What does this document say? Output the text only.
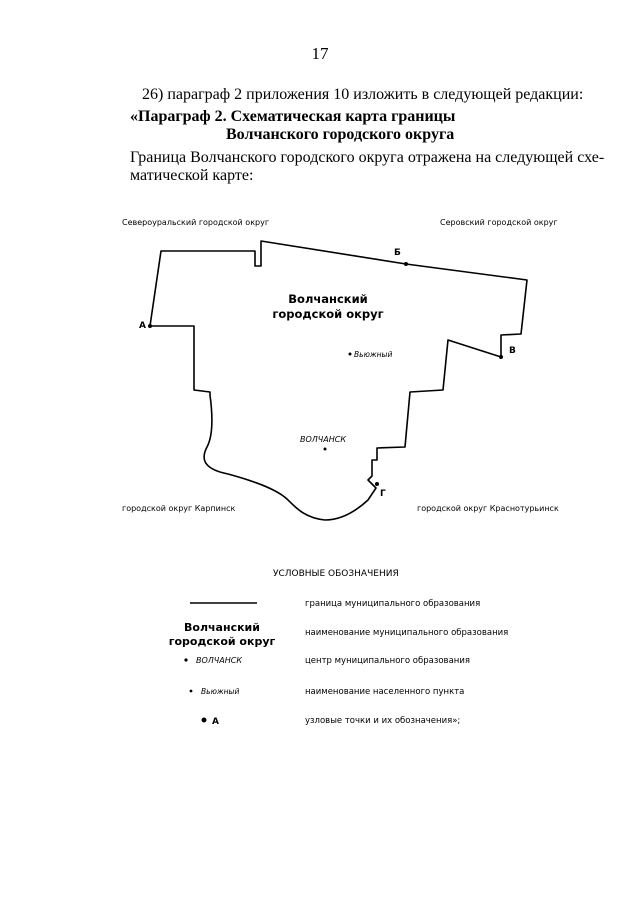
17
26) параграф 2 приложения 10 изложить в следующей редакции:
«Параграф 2. Схематическая карта границы
Волчанского городского округа
Граница Волчанского городского округа отражена на следующей схе-
матической карте:
Североуральский городской округ	Серовский городской округ
городской округ Карпинск	городской округ Краснотурьинск
Волчанский
городской округ
Вьюжный
ВОЛЧАНСК
А
Б
В
Г
УСЛОВНЫЕ ОБОЗНАЧЕНИЯ
граница муниципального образования
Волчанский
городской округ
наименование муниципального образования
ВОЛЧАНСК	центр муниципального образования
Вьюжный	наименование населенного пункта
А	узловые точки и их обозначения»;
